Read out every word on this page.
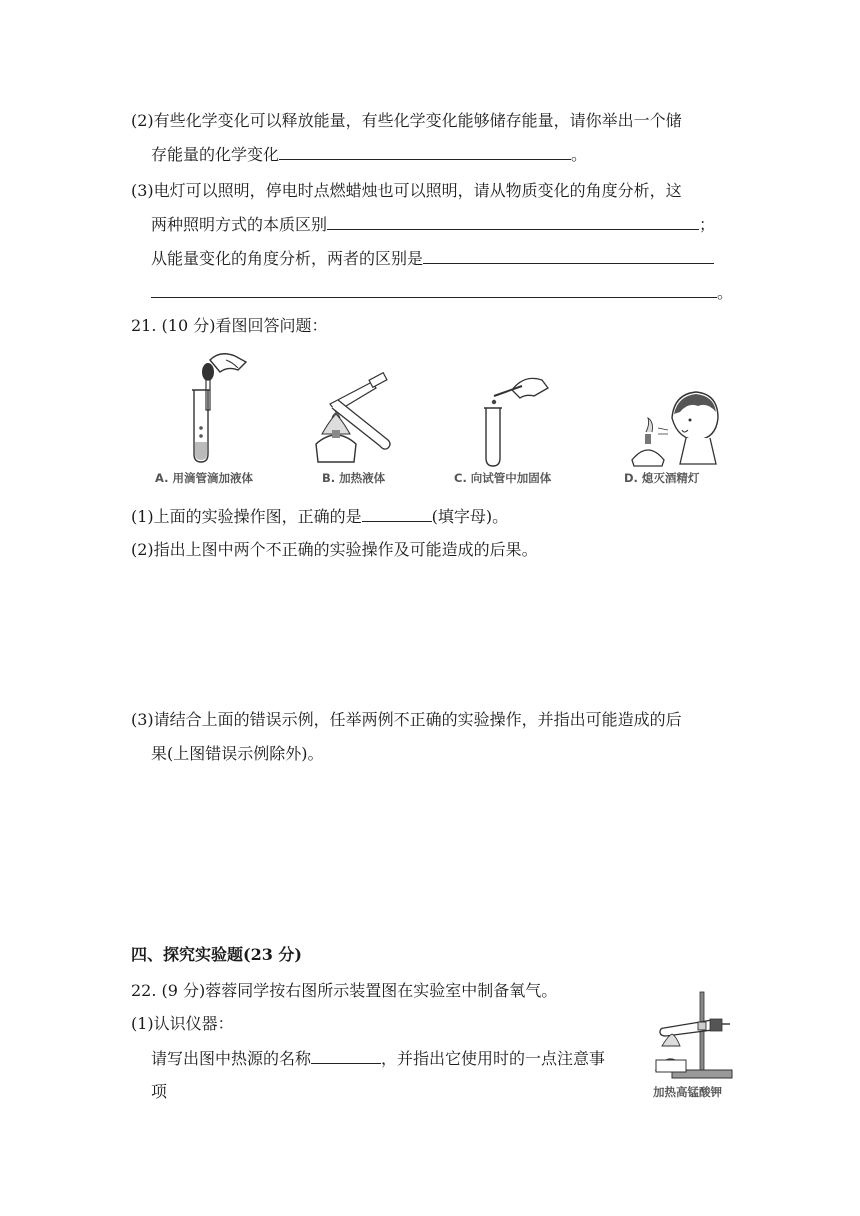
(2)有些化学变化可以释放能量，有些化学变化能够储存能量，请你举出一个储
存能量的化学变化	。
(3)电灯可以照明，停电时点燃蜡烛也可以照明，请从物质变化的角度分析，这
两种照明方式的本质区别	；
从能量变化的角度分析，两者的区别是
。
21. (10 分)看图回答问题：
A. 用滴管滴加液体	B. 加热液体	C. 向试管中加固体	D. 熄灭酒精灯
(1)上面的实验操作图，正确的是	(填字母)。
(2)指出上图中两个不正确的实验操作及可能造成的后果。
(3)请结合上面的错误示例，任举两例不正确的实验操作，并指出可能造成的后
果(上图错误示例除外)。
四、探究实验题(23 分)
22. (9 分)蓉蓉同学按右图所示装置图在实验室中制备氧气。
(1)认识仪器：
请写出图中热源的名称	，并指出它使用时的一点注意事
项	加热高锰酸钾
